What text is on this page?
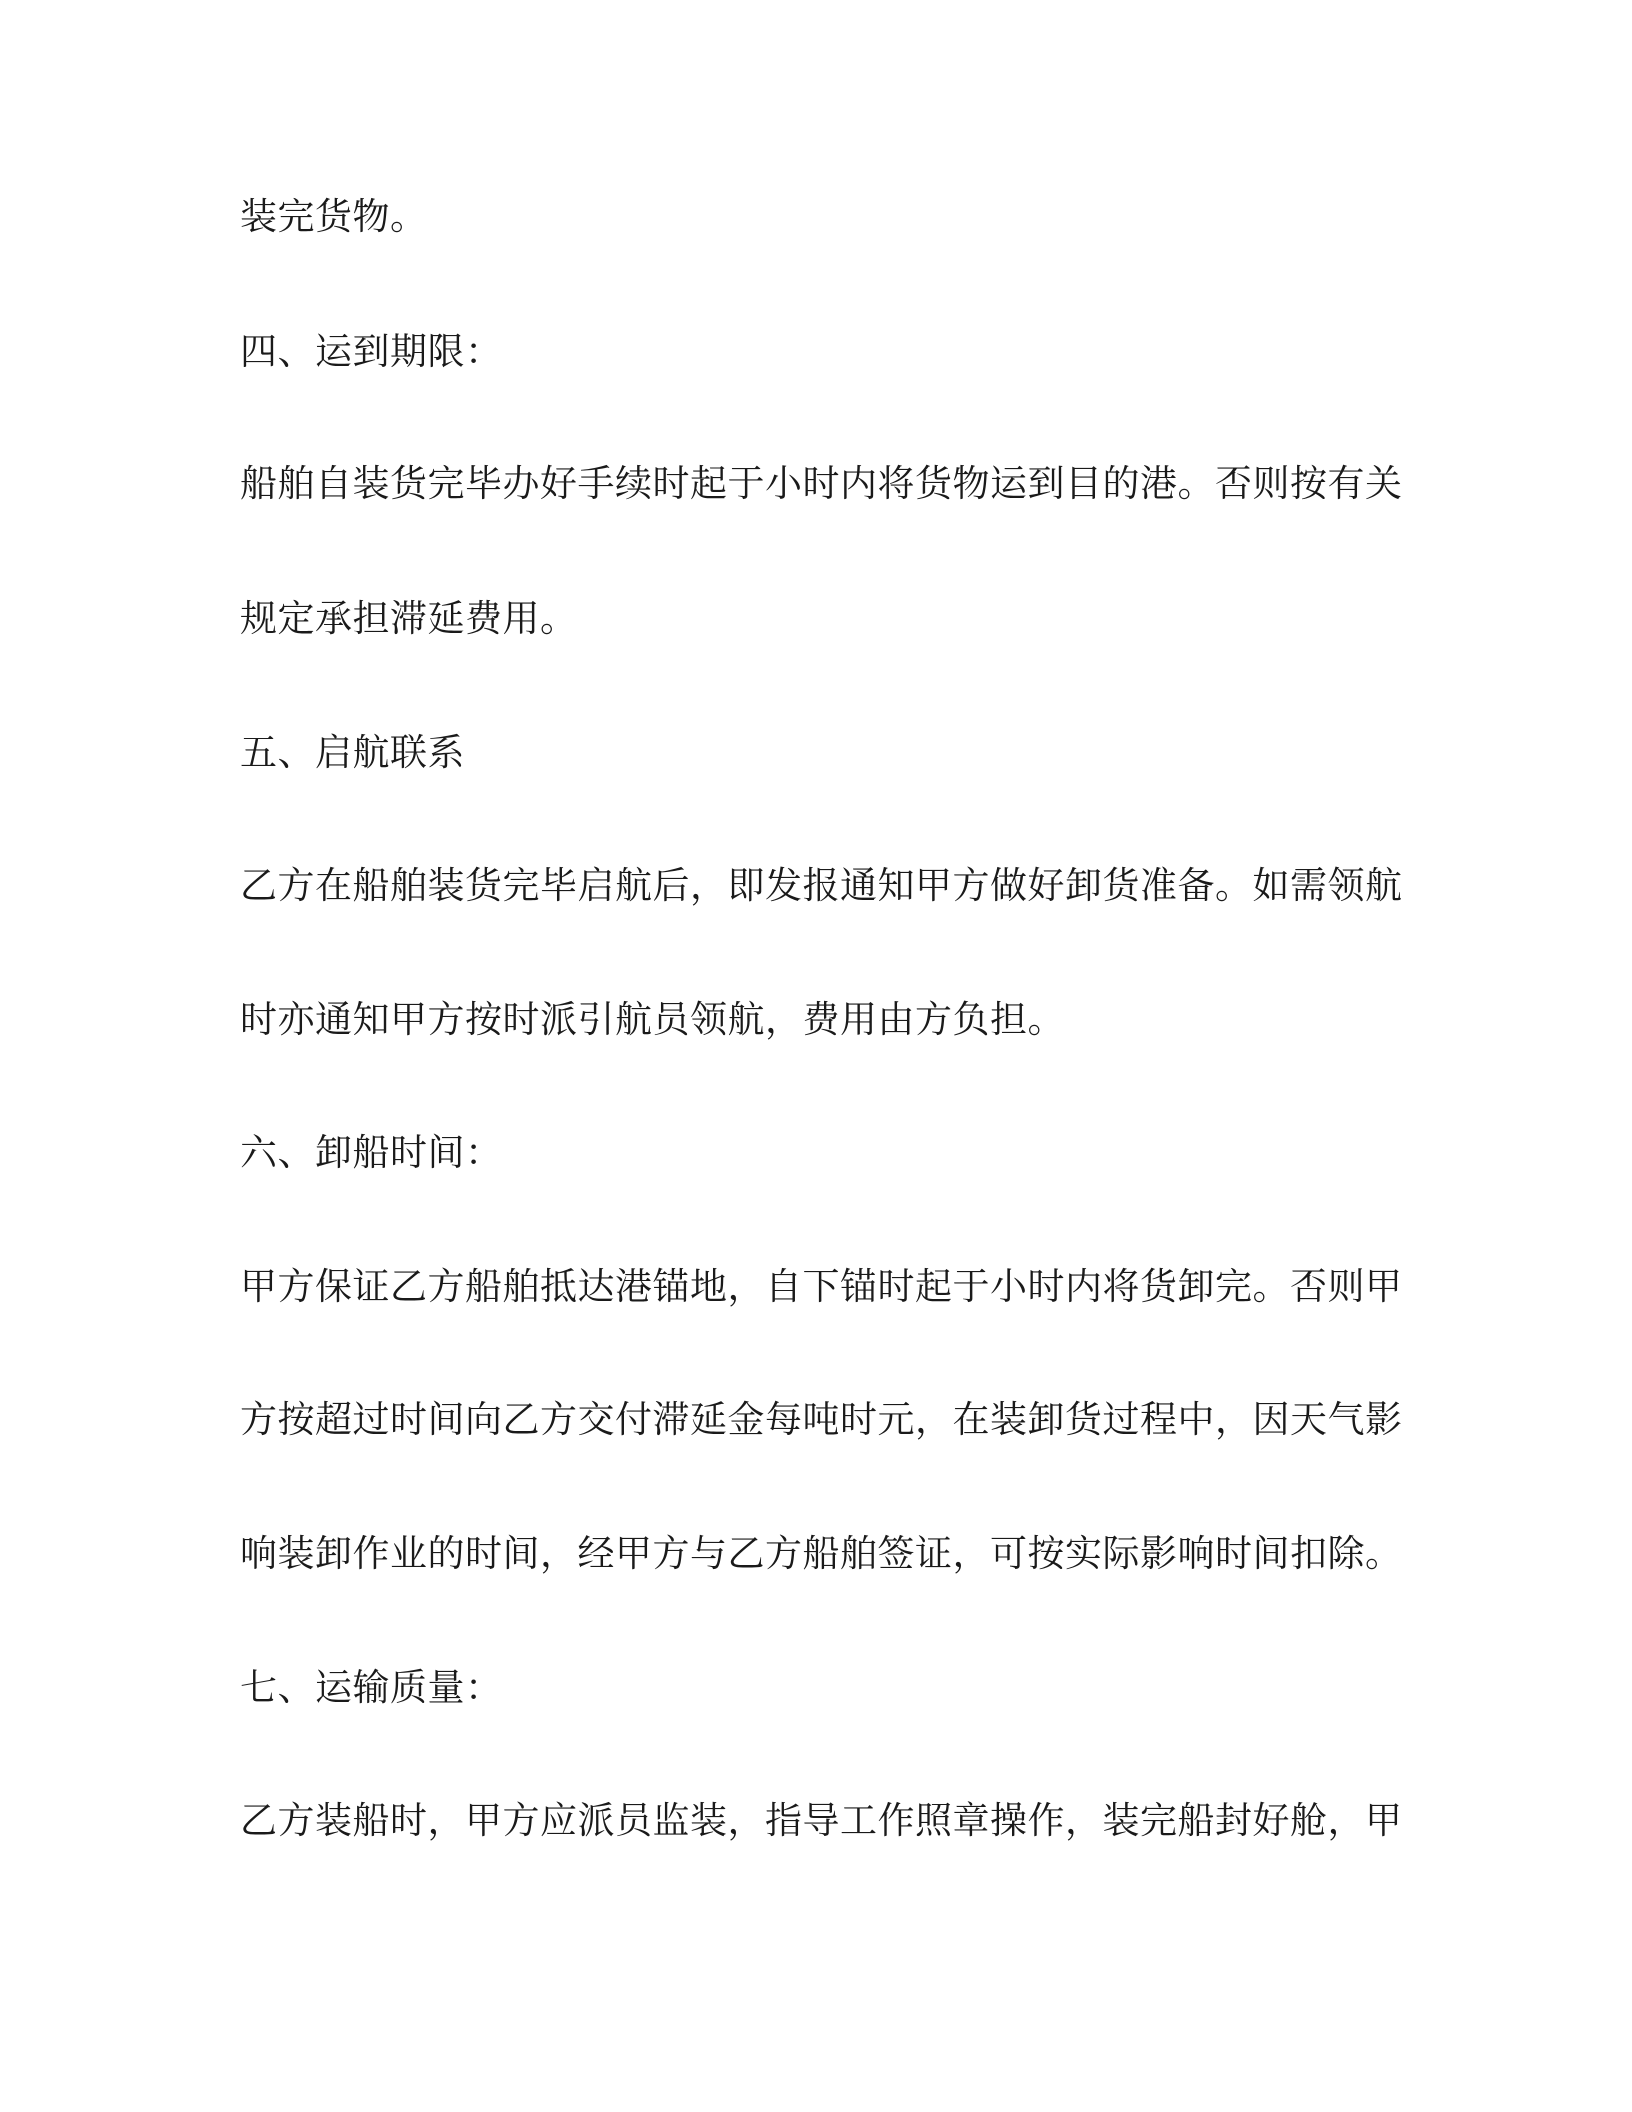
装完货物。
四、运到期限：
船舶自装货完毕办好手续时起于小时内将货物运到目的港。否则按有关
规定承担滞延费用。
五、启航联系
乙方在船舶装货完毕启航后，即发报通知甲方做好卸货准备。如需领航
时亦通知甲方按时派引航员领航，费用由方负担。
六、卸船时间：
甲方保证乙方船舶抵达港锚地，自下锚时起于小时内将货卸完。否则甲
方按超过时间向乙方交付滞延金每吨时元，在装卸货过程中，因天气影
响装卸作业的时间，经甲方与乙方船舶签证，可按实际影响时间扣除。
七、运输质量：
乙方装船时，甲方应派员监装，指导工作照章操作，装完船封好舱，甲
